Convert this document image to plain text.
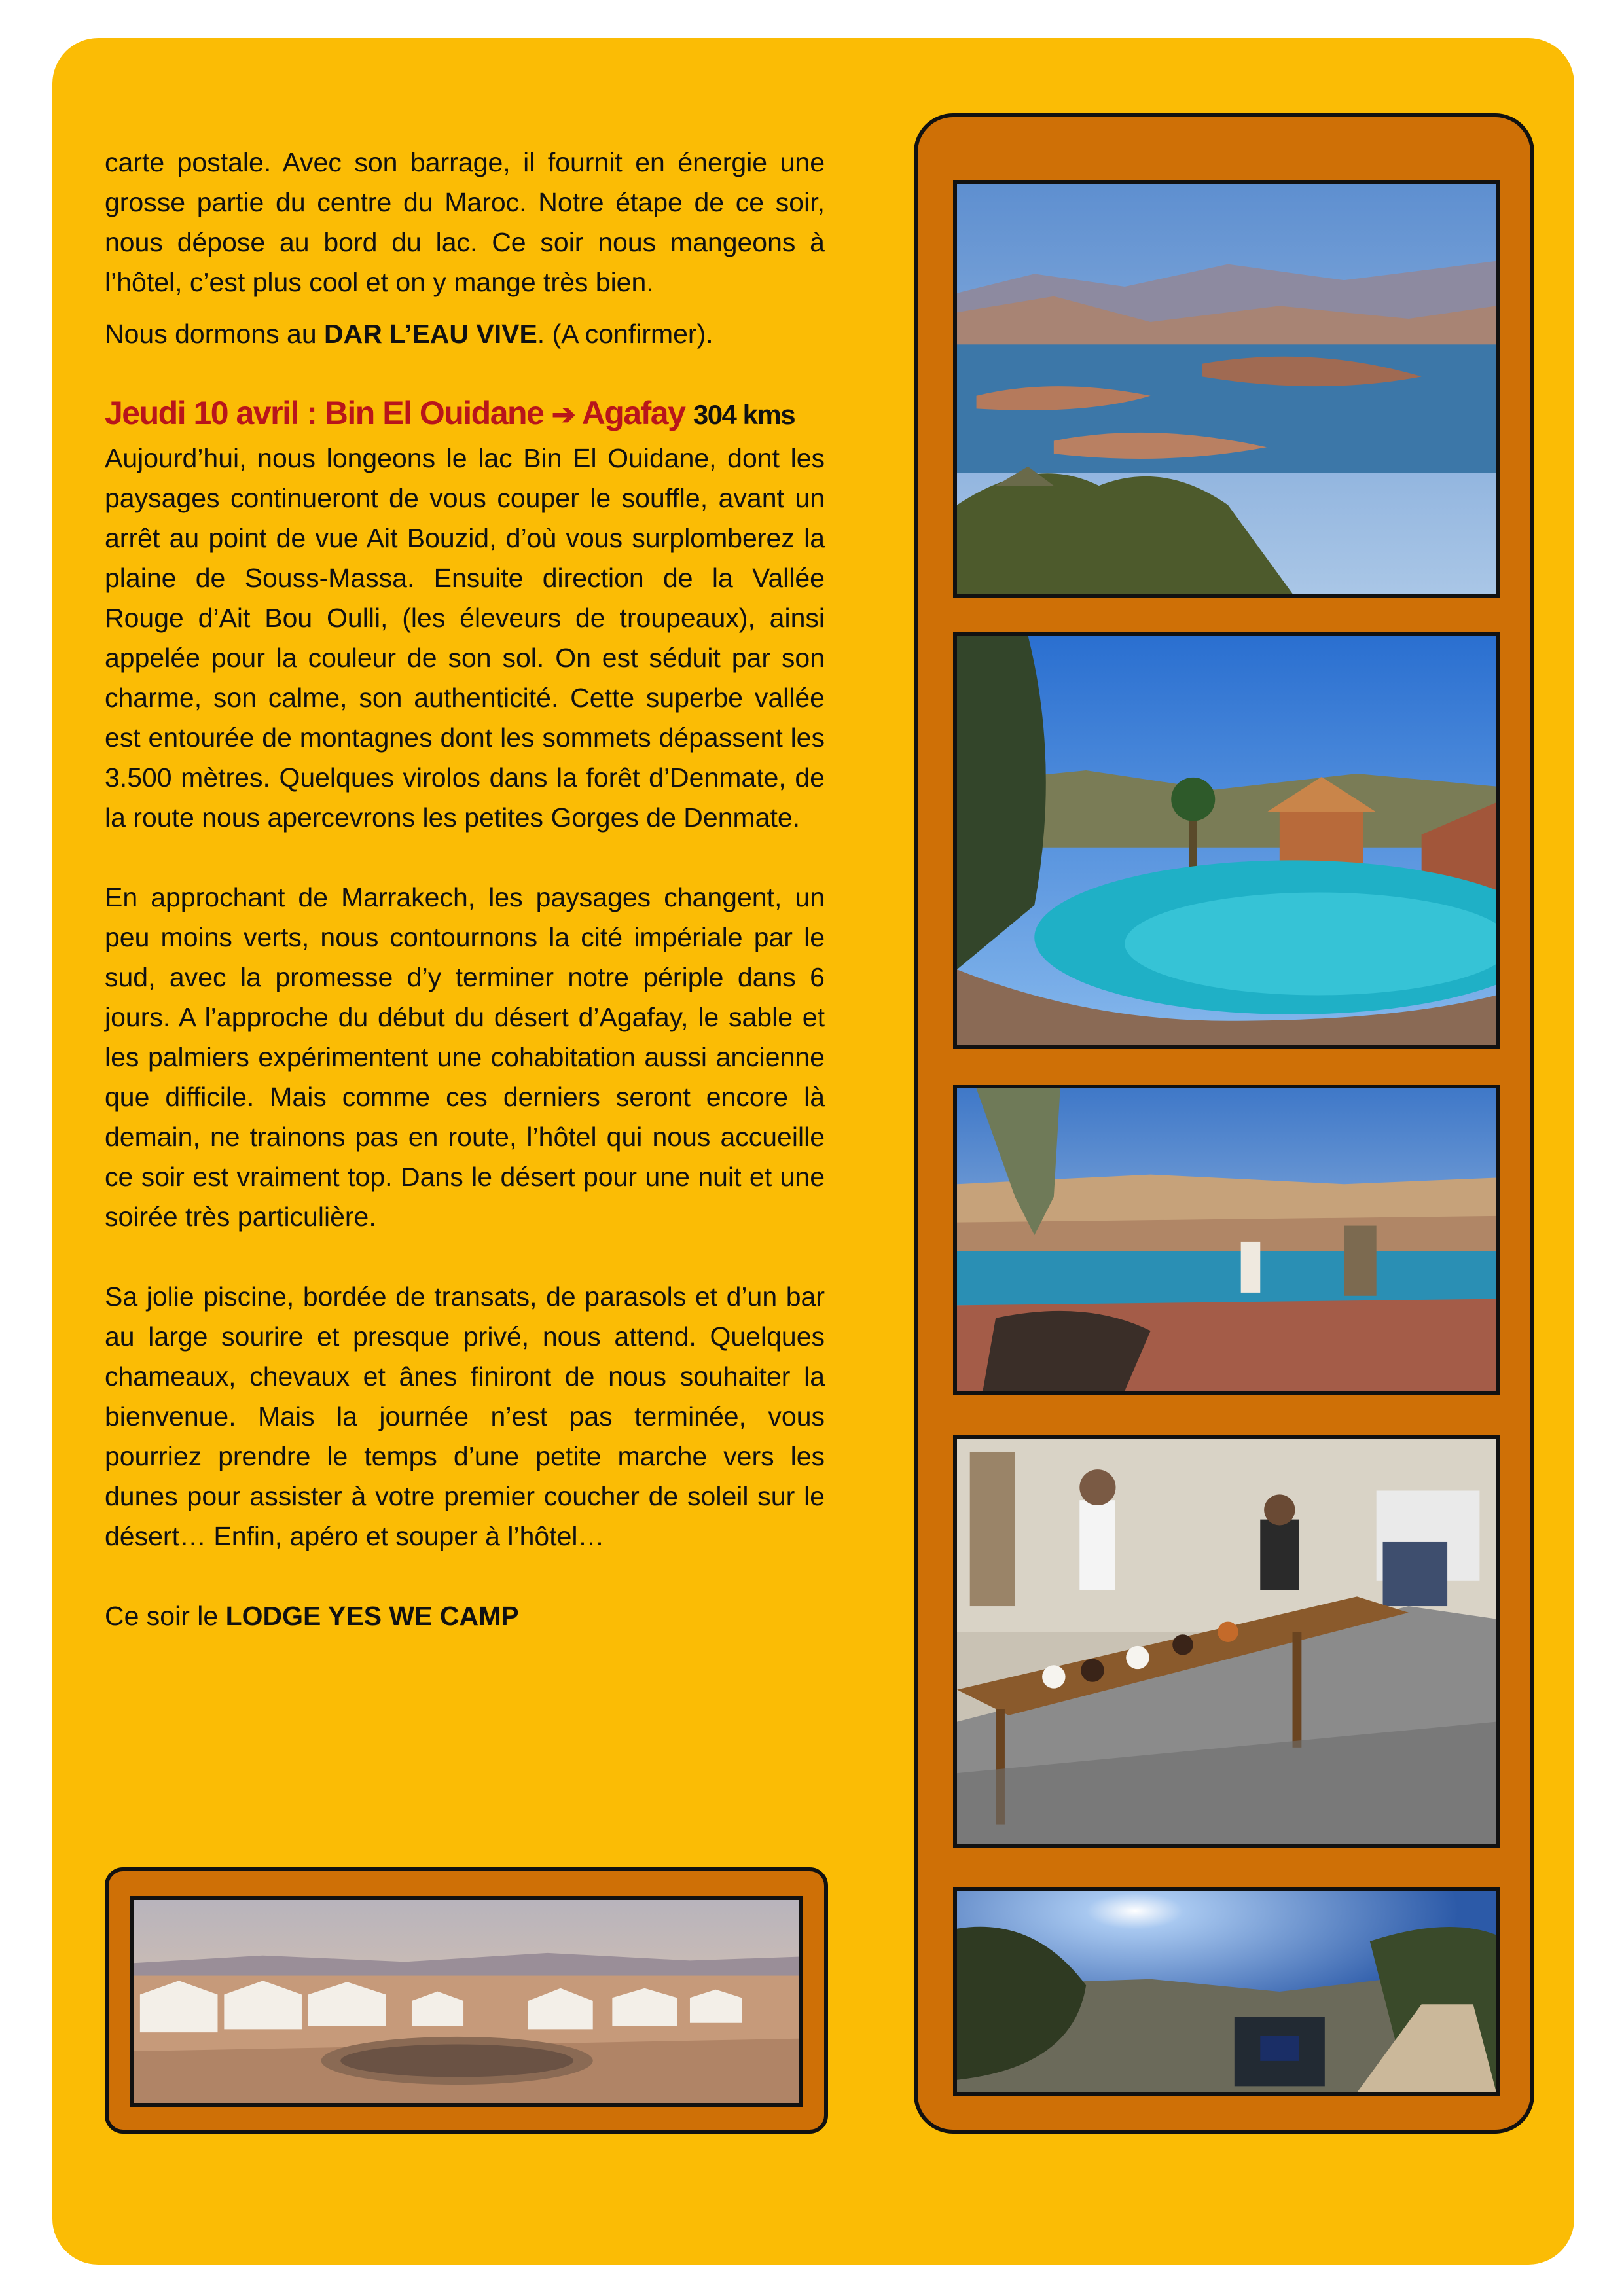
carte postale. Avec son barrage, il fournit en énergie une grosse partie du centre du Maroc. Notre étape de ce soir, nous dépose au bord du lac. Ce soir nous mangeons à l’hôtel, c’est plus cool et on y mange très bien.

Nous dormons au DAR L’EAU VIVE. (A confirmer).

Jeudi 10 avril : Bin El Ouidane ➔ Agafay 304 kms

Aujourd’hui, nous longeons le lac Bin El Ouidane, dont les paysages continueront de vous couper le souffle, avant un arrêt au point de vue Ait Bouzid, d’où vous surplomberez la plaine de Souss-Massa. Ensuite direction de la Vallée Rouge d’Ait Bou Oulli, (les éleveurs de troupeaux), ainsi appelée pour la couleur de son sol. On est séduit par son charme, son calme, son authenticité. Cette superbe vallée est entourée de montagnes dont les sommets dépassent les 3.500 mètres. Quelques virolos dans la forêt d’Denmate, de la route nous apercevrons les petites Gorges de Denmate.

En approchant de Marrakech, les paysages changent, un peu moins verts, nous contournons la cité impériale par le sud, avec la promesse d’y terminer notre périple dans 6 jours. A l’approche du début du désert d’Agafay, le sable et les palmiers expérimentent une cohabitation aussi ancienne que difficile. Mais comme ces derniers seront encore là demain, ne trainons pas en route, l’hôtel qui nous accueille ce soir est vraiment top. Dans le désert pour une nuit et une soirée très particulière.

Sa jolie piscine, bordée de transats, de parasols et d’un bar au large sourire et presque privé, nous attend. Quelques chameaux, chevaux et ânes finiront de nous souhaiter la bienvenue. Mais la journée n’est pas terminée, vous pourriez prendre le temps d’une petite marche vers les dunes pour assister à votre premier coucher de soleil sur le désert… Enfin, apéro et souper à l’hôtel…

Ce soir le LODGE YES WE CAMP
